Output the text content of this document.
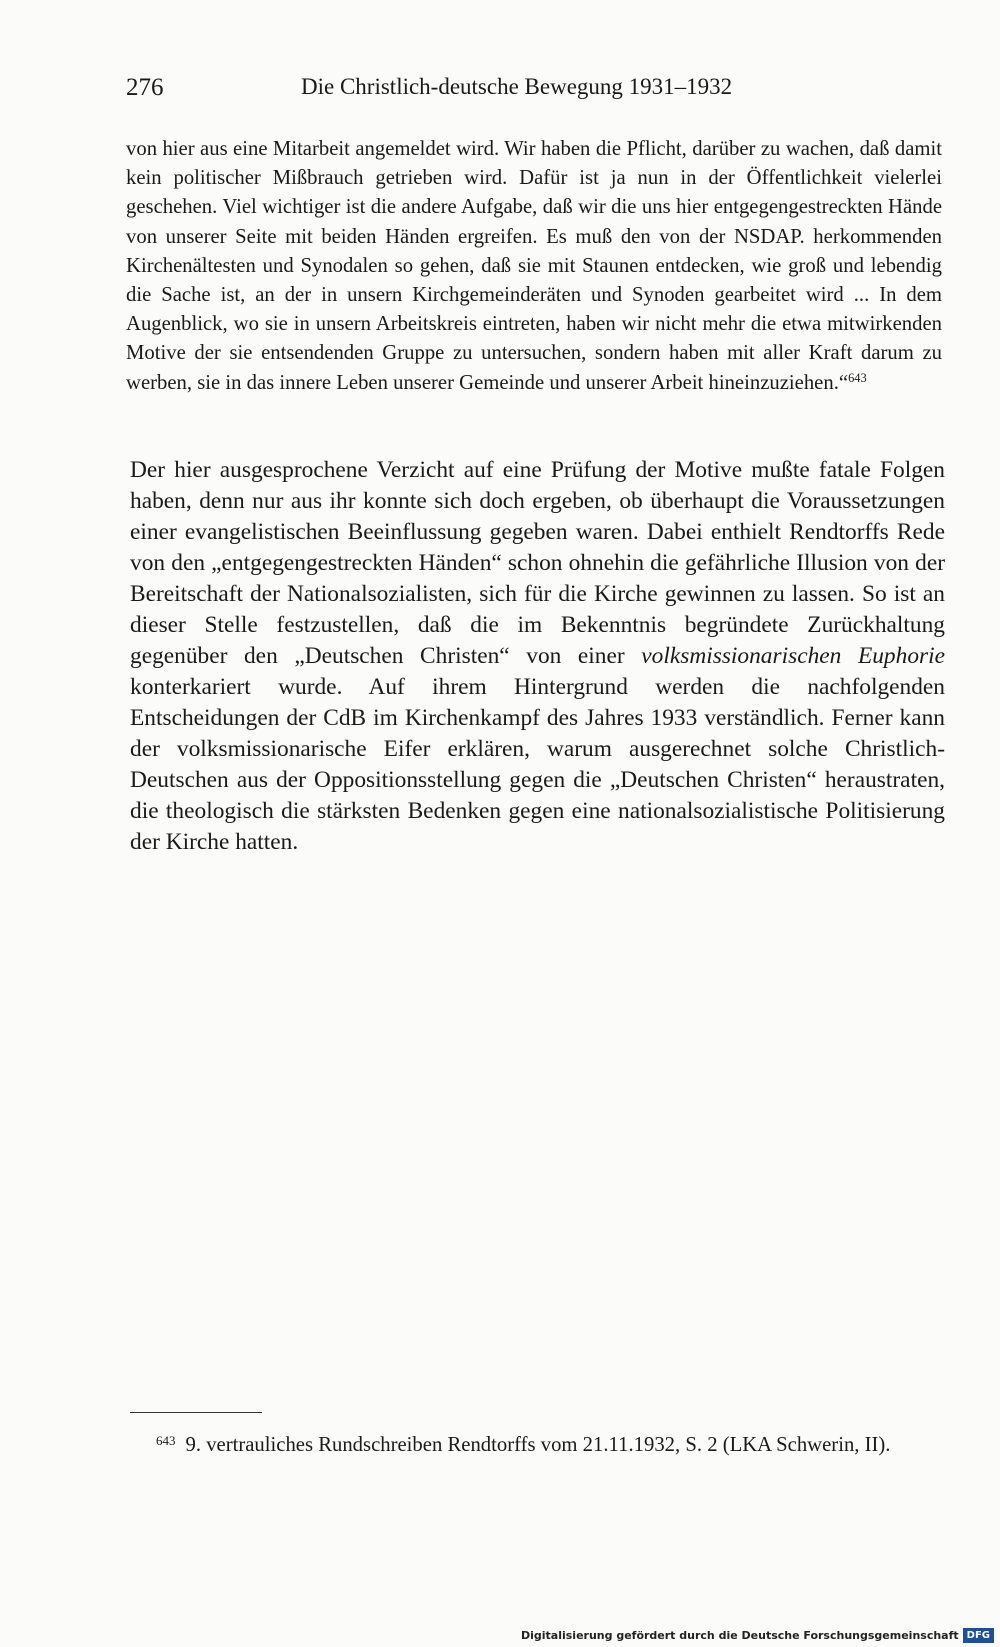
276	Die Christlich-deutsche Bewegung 1931–1932
von hier aus eine Mitarbeit angemeldet wird. Wir haben die Pflicht, darüber zu wachen, daß damit kein politischer Mißbrauch getrieben wird. Dafür ist ja nun in der Öffentlichkeit vielerlei geschehen. Viel wichtiger ist die andere Aufgabe, daß wir die uns hier entgegengestreckten Hände von unserer Seite mit beiden Händen ergreifen. Es muß den von der NSDAP. herkommenden Kirchenältesten und Synodalen so gehen, daß sie mit Staunen entdecken, wie groß und lebendig die Sache ist, an der in unsern Kirchgemeinderäten und Synoden gearbeitet wird ... In dem Augenblick, wo sie in unsern Arbeitskreis eintreten, haben wir nicht mehr die etwa mitwirkenden Motive der sie entsendenden Gruppe zu untersuchen, sondern haben mit aller Kraft darum zu werben, sie in das innere Leben unserer Gemeinde und unserer Arbeit hineinzuziehen.“$^{643}$
Der hier ausgesprochene Verzicht auf eine Prüfung der Motive mußte fatale Folgen haben, denn nur aus ihr konnte sich doch ergeben, ob überhaupt die Voraussetzungen einer evangelistischen Beeinflussung gegeben waren. Dabei enthielt Rendtorffs Rede von den „entgegengestreckten Händen“ schon ohnehin die gefährliche Illusion von der Bereitschaft der Nationalsozialisten, sich für die Kirche gewinnen zu lassen. So ist an dieser Stelle festzustellen, daß die im Bekenntnis begründete Zurückhaltung gegenüber den „Deutschen Christen“ von einer volksmissionarischen Euphorie konterkariert wurde. Auf ihrem Hintergrund werden die nachfolgenden Entscheidungen der CdB im Kirchenkampf des Jahres 1933 verständlich. Ferner kann der volksmissionarische Eifer erklären, warum ausgerechnet solche Christlich-Deutschen aus der Oppositionsstellung gegen die „Deutschen Christen“ heraustraten, die theologisch die stärksten Bedenken gegen eine nationalsozialistische Politisierung der Kirche hatten.
$^{643}$ 9. vertrauliches Rundschreiben Rendtorffs vom 21.11.1932, S. 2 (LKA Schwerin, II).
Digitalisierung gefördert durch die Deutsche Forschungsgemeinschaft DFG
